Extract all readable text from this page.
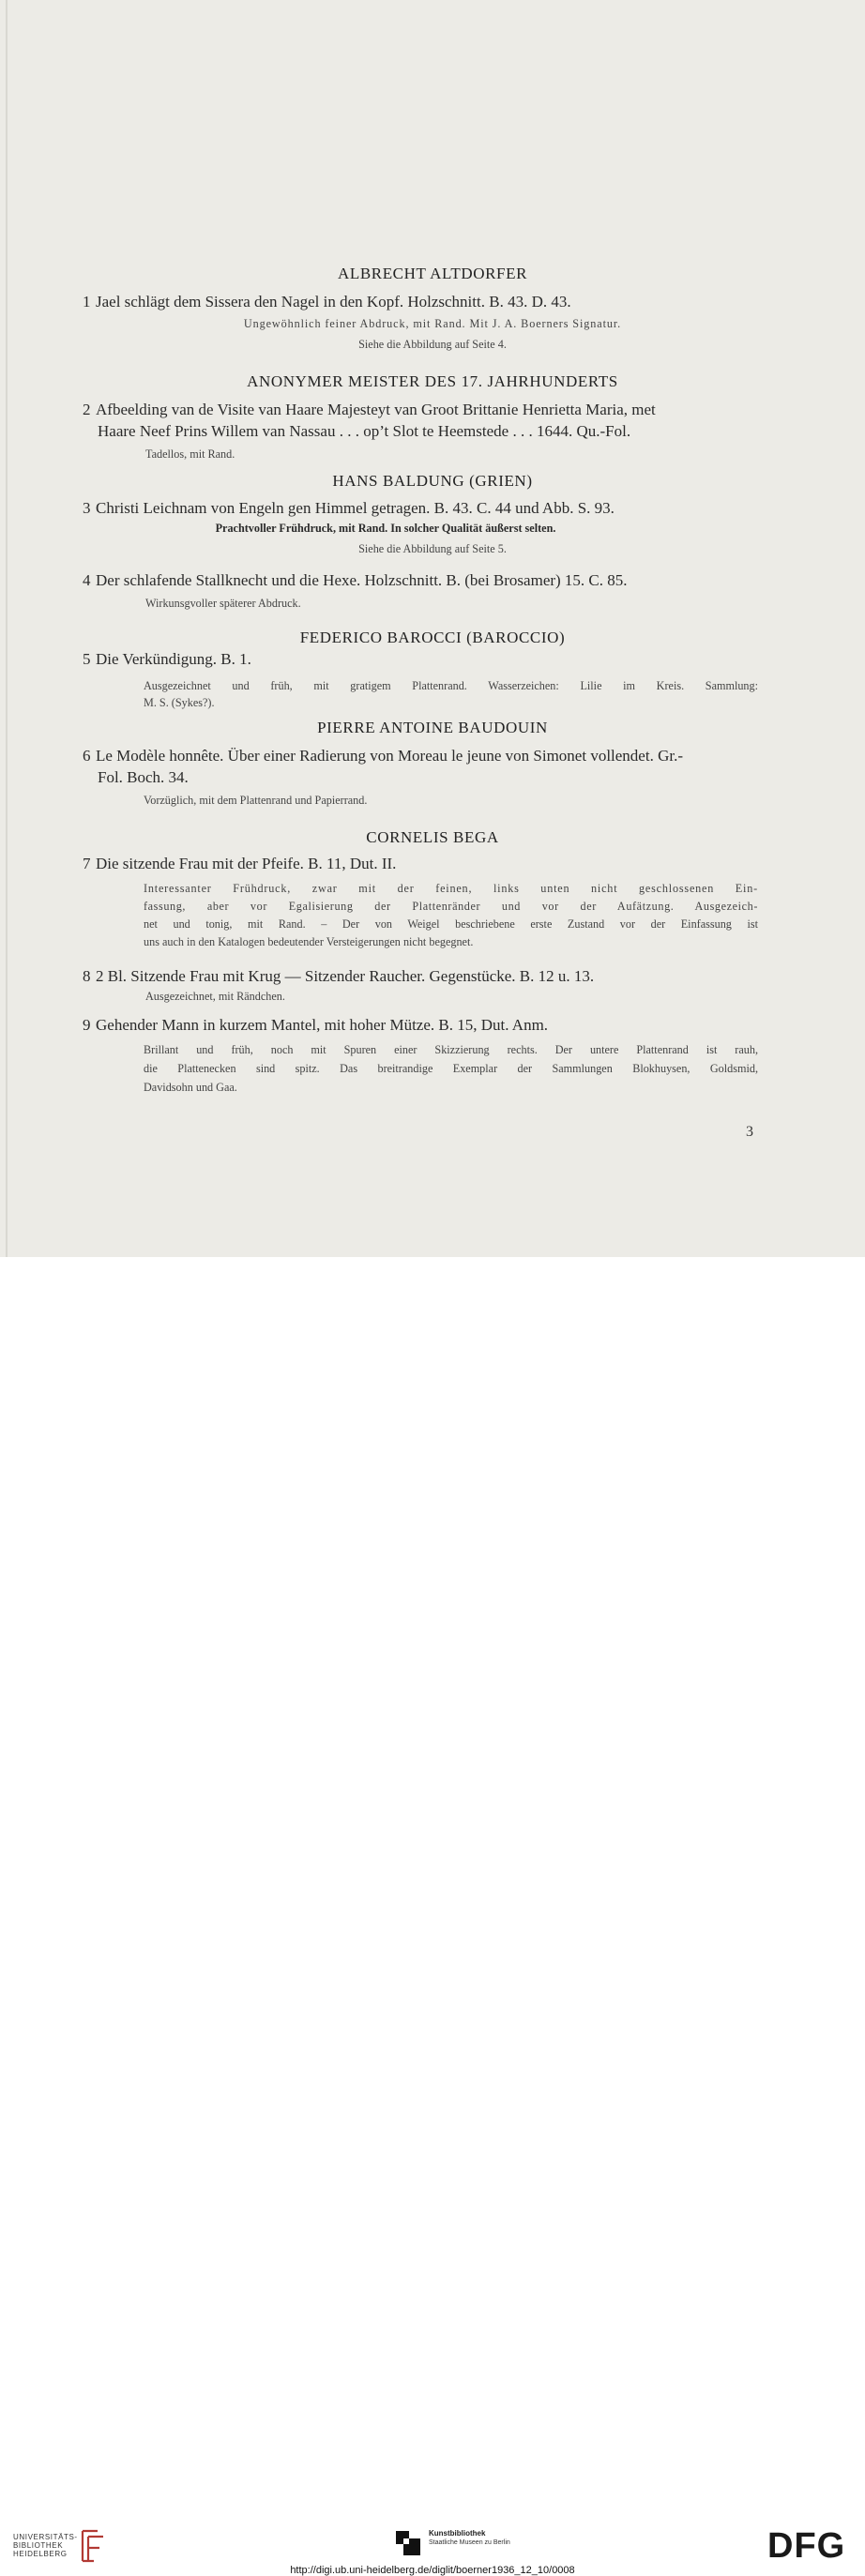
ALBRECHT ALTDORFER
1 Jael schlägt dem Sissera den Nagel in den Kopf. Holzschnitt. B. 43. D. 43.
Ungewöhnlich feiner Abdruck, mit Rand. Mit J. A. Boerners Signatur.
Siehe die Abbildung auf Seite 4.
ANONYMER MEISTER DES 17. JAHRHUNDERTS
2 Afbeelding van de Visite van Haare Majesteyt van Groot Brittanie Henrietta Maria, met
Haare Neef Prins Willem van Nassau . . . op’t Slot te Heemstede . . . 1644. Qu.-Fol.
Tadellos, mit Rand.
HANS BALDUNG (GRIEN)
3 Christi Leichnam von Engeln gen Himmel getragen. B. 43. C. 44 und Abb. S. 93.
Prachtvoller Frühdruck, mit Rand. In solcher Qualität äußerst selten.
Siehe die Abbildung auf Seite 5.
4 Der schlafende Stallknecht und die Hexe. Holzschnitt. B. (bei Brosamer) 15. C. 85.
Wirkunsgvoller späterer Abdruck.
FEDERICO BAROCCI (BAROCCIO)
5 Die Verkündigung. B. 1.
Ausgezeichnet und früh, mit gratigem Plattenrand. Wasserzeichen: Lilie im Kreis. Sammlung:
M. S. (Sykes?).
PIERRE ANTOINE BAUDOUIN
6 Le Modèle honnête. Über einer Radierung von Moreau le jeune von Simonet vollendet. Gr.-
Fol. Boch. 34.
Vorzüglich, mit dem Plattenrand und Papierrand.
CORNELIS BEGA
7 Die sitzende Frau mit der Pfeife. B. 11, Dut. II.
Interessanter Frühdruck, zwar mit der feinen, links unten nicht geschlossenen Ein-
fassung, aber vor Egalisierung der Plattenränder und vor der Aufätzung. Ausgezeich-
net und tonig, mit Rand. – Der von Weigel beschriebene erste Zustand vor der Einfassung ist
uns auch in den Katalogen bedeutender Versteigerungen nicht begegnet.
8 2 Bl. Sitzende Frau mit Krug — Sitzender Raucher. Gegenstücke. B. 12 u. 13.
Ausgezeichnet, mit Rändchen.
9 Gehender Mann in kurzem Mantel, mit hoher Mütze. B. 15, Dut. Anm.
Brillant und früh, noch mit Spuren einer Skizzierung rechts. Der untere Plattenrand ist rauh,
die Plattenecken sind spitz. Das breitrandige Exemplar der Sammlungen Blokhuysen, Goldsmid,
Davidsohn und Gaa.
3
UNIVERSITÄTS-
BIBLIOTHEK
HEIDELBERG
Kunstbibliothek
Staatliche Museen zu Berlin	DFG
http://digi.ub.uni-heidelberg.de/diglit/boerner1936_12_10/0008
